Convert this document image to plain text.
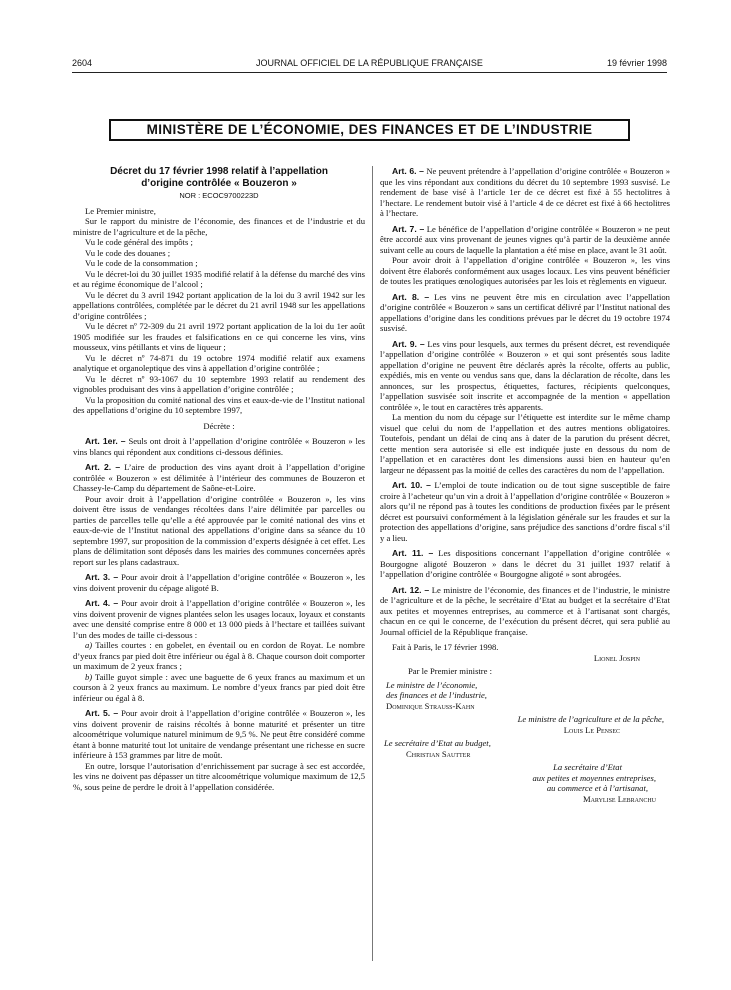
2604	JOURNAL OFFICIEL DE LA RÉPUBLIQUE FRANÇAISE	19 février 1998
MINISTÈRE DE L’ÉCONOMIE, DES FINANCES ET DE L’INDUSTRIE

Décret du 17 février 1998 relatif à l’appellation

d’origine contrôlée « Bouzeron »

NOR : ECOC9700223D

Le Premier ministre,

Sur le rapport du ministre de l’économie, des finances et de l’industrie et du ministre de l’agriculture et de la pêche,

Vu le code général des impôts ;

Vu le code des douanes ;

Vu le code de la consommation ;

Vu le décret-loi du 30 juillet 1935 modifié relatif à la défense du marché des vins et au régime économique de l’alcool ;

Vu le décret du 3 avril 1942 portant application de la loi du 3 avril 1942 sur les appellations contrôlées, complétée par le décret du 21 avril 1948 sur les appellations d’origine contrôlées ;

Vu le décret nº 72-309 du 21 avril 1972 portant application de la loi du 1er août 1905 modifiée sur les fraudes et falsifications en ce qui concerne les vins, vins mousseux, vins pétillants et vins de liqueur ;

Vu le décret nº 74-871 du 19 octobre 1974 modifié relatif aux examens analytique et organoleptique des vins à appellation d’origine contrôlée ;

Vu le décret nº 93-1067 du 10 septembre 1993 relatif au rendement des vignobles produisant des vins à appellation d’origine contrôlée ;

Vu la proposition du comité national des vins et eaux-de-vie de l’Institut national des appellations d’origine du 10 septembre 1997,

Décrète :

Art. 1er. – Seuls ont droit à l’appellation d’origine contrôlée « Bouzeron » les vins blancs qui répondent aux conditions ci-dessous définies.

Art. 2. – L’aire de production des vins ayant droit à l’appellation d’origine contrôlée « Bouzeron » est délimitée à l’intérieur des communes de Bouzeron et Chassey-le-Camp du département de Saône-et-Loire.

Pour avoir droit à l’appellation d’origine contrôlée « Bouzeron », les vins doivent être issus de vendanges récoltées dans l’aire délimitée par parcelles ou parties de parcelles telle qu’elle a été approuvée par le comité national des vins et eaux-de-vie de l’Institut national des appellations d’origine dans sa séance du 10 septembre 1997, sur proposition de la commission d’experts désignée à cet effet. Les plans de délimitation sont déposés dans les mairies des communes concernées après report sur les plans cadastraux.

Art. 3. – Pour avoir droit à l’appellation d’origine contrôlée « Bouzeron », les vins doivent provenir du cépage aligoté B.

Art. 4. – Pour avoir droit à l’appellation d’origine contrôlée « Bouzeron », les vins doivent provenir de vignes plantées selon les usages locaux, loyaux et constants avec une densité comprise entre 8 000 et 13 000 pieds à l’hectare et taillées suivant l’un des modes de taille ci-dessous :

a) Tailles courtes : en gobelet, en éventail ou en cordon de Royat. Le nombre d’yeux francs par pied doit être inférieur ou égal à 8. Chaque courson doit comporter un maximum de 2 yeux francs ;

b) Taille guyot simple : avec une baguette de 6 yeux francs au maximum et un courson à 2 yeux francs au maximum. Le nombre d’yeux francs par pied doit être inférieur ou égal à 8.

Art. 5. – Pour avoir droit à l’appellation d’origine contrôlée « Bouzeron », les vins doivent provenir de raisins récoltés à bonne maturité et présenter un titre alcoométrique volumique naturel minimum de 9,5 %. Ne peut être considéré comme étant à bonne maturité tout lot unitaire de vendange présentant une richesse en sucre inférieure à 153 grammes par litre de moût.

En outre, lorsque l’autorisation d’enrichissement par sucrage à sec est accordée, les vins ne doivent pas dépasser un titre alcoométrique volumique maximum de 12,5 %, sous peine de perdre le droit à l’appellation considérée.

Art. 6. – Ne peuvent prétendre à l’appellation d’origine contrôlée « Bouzeron » que les vins répondant aux conditions du décret du 10 septembre 1993 susvisé. Le rendement de base visé à l’article 1er de ce décret est fixé à 55 hectolitres à l’hectare. Le rendement butoir visé à l’article 4 de ce décret est fixé à 66 hectolitres à l’hectare.

Art. 7. – Le bénéfice de l’appellation d’origine contrôlée « Bouzeron » ne peut être accordé aux vins provenant de jeunes vignes qu’à partir de la deuxième année suivant celle au cours de laquelle la plantation a été mise en place, avant le 31 août.

Pour avoir droit à l’appellation d’origine contrôlée « Bouzeron », les vins doivent être élaborés conformément aux usages locaux. Les vins peuvent bénéficier de toutes les pratiques œnologiques autorisées par les lois et règlements en vigueur.

Art. 8. – Les vins ne peuvent être mis en circulation avec l’appellation d’origine contrôlée « Bouzeron » sans un certificat délivré par l’Institut national des appellations d’origine dans les conditions prévues par le décret du 19 octobre 1974 susvisé.

Art. 9. – Les vins pour lesquels, aux termes du présent décret, est revendiquée l’appellation d’origine contrôlée « Bouzeron » et qui sont présentés sous ladite appellation d’origine ne peuvent être déclarés après la récolte, offerts au public, expédiés, mis en vente ou vendus sans que, dans la déclaration de récolte, dans les annonces, sur les prospectus, étiquettes, factures, récipients quelconques, l’appellation susvisée soit inscrite et accompagnée de la mention « appellation contrôlée », le tout en caractères très apparents.

La mention du nom du cépage sur l’étiquette est interdite sur le même champ visuel que celui du nom de l’appellation et des autres mentions obligatoires. Toutefois, pendant un délai de cinq ans à dater de la parution du présent décret, cette mention sera autorisée si elle est indiquée juste en dessous du nom de l’appellation et en caractères dont les dimensions aussi bien en hauteur qu’en largeur ne dépassent pas la moitié de celles des caractères du nom de l’appellation.

Art. 10. – L’emploi de toute indication ou de tout signe susceptible de faire croire à l’acheteur qu’un vin a droit à l’appellation d’origine contrôlée « Bouzeron » alors qu’il ne répond pas à toutes les conditions de production fixées par le présent décret est poursuivi conformément à la législation générale sur les fraudes et sur la protection des appellations d’origine, sans préjudice des sanctions d’ordre fiscal s’il y a lieu.

Art. 11. – Les dispositions concernant l’appellation d’origine contrôlée « Bourgogne aligoté Bouzeron » dans le décret du 31 juillet 1937 relatif à l’appellation d’origine contrôlée « Bourgogne aligoté » sont abrogées.

Art. 12. – Le ministre de l’économie, des finances et de l’industrie, le ministre de l’agriculture et de la pêche, le secrétaire d’Etat au budget et la secrétaire d’Etat aux petites et moyennes entreprises, au commerce et à l’artisanat sont chargés, chacun en ce qui le concerne, de l’exécution du présent décret, qui sera publié au Journal officiel de la République française.

Fait à Paris, le 17 février 1998.

Lionel Jospin

Par le Premier ministre :

Le ministre de l’économie,

des finances et de l’industrie,

Dominique Strauss-Kahn

Le ministre de l’agriculture et de la pêche,

Louis Le Pensec

Le secrétaire d’Etat au budget,

Christian Sautter

La secrétaire d’Etat

aux petites et moyennes entreprises,

au commerce et à l’artisanat,

Marylise Lebranchu
